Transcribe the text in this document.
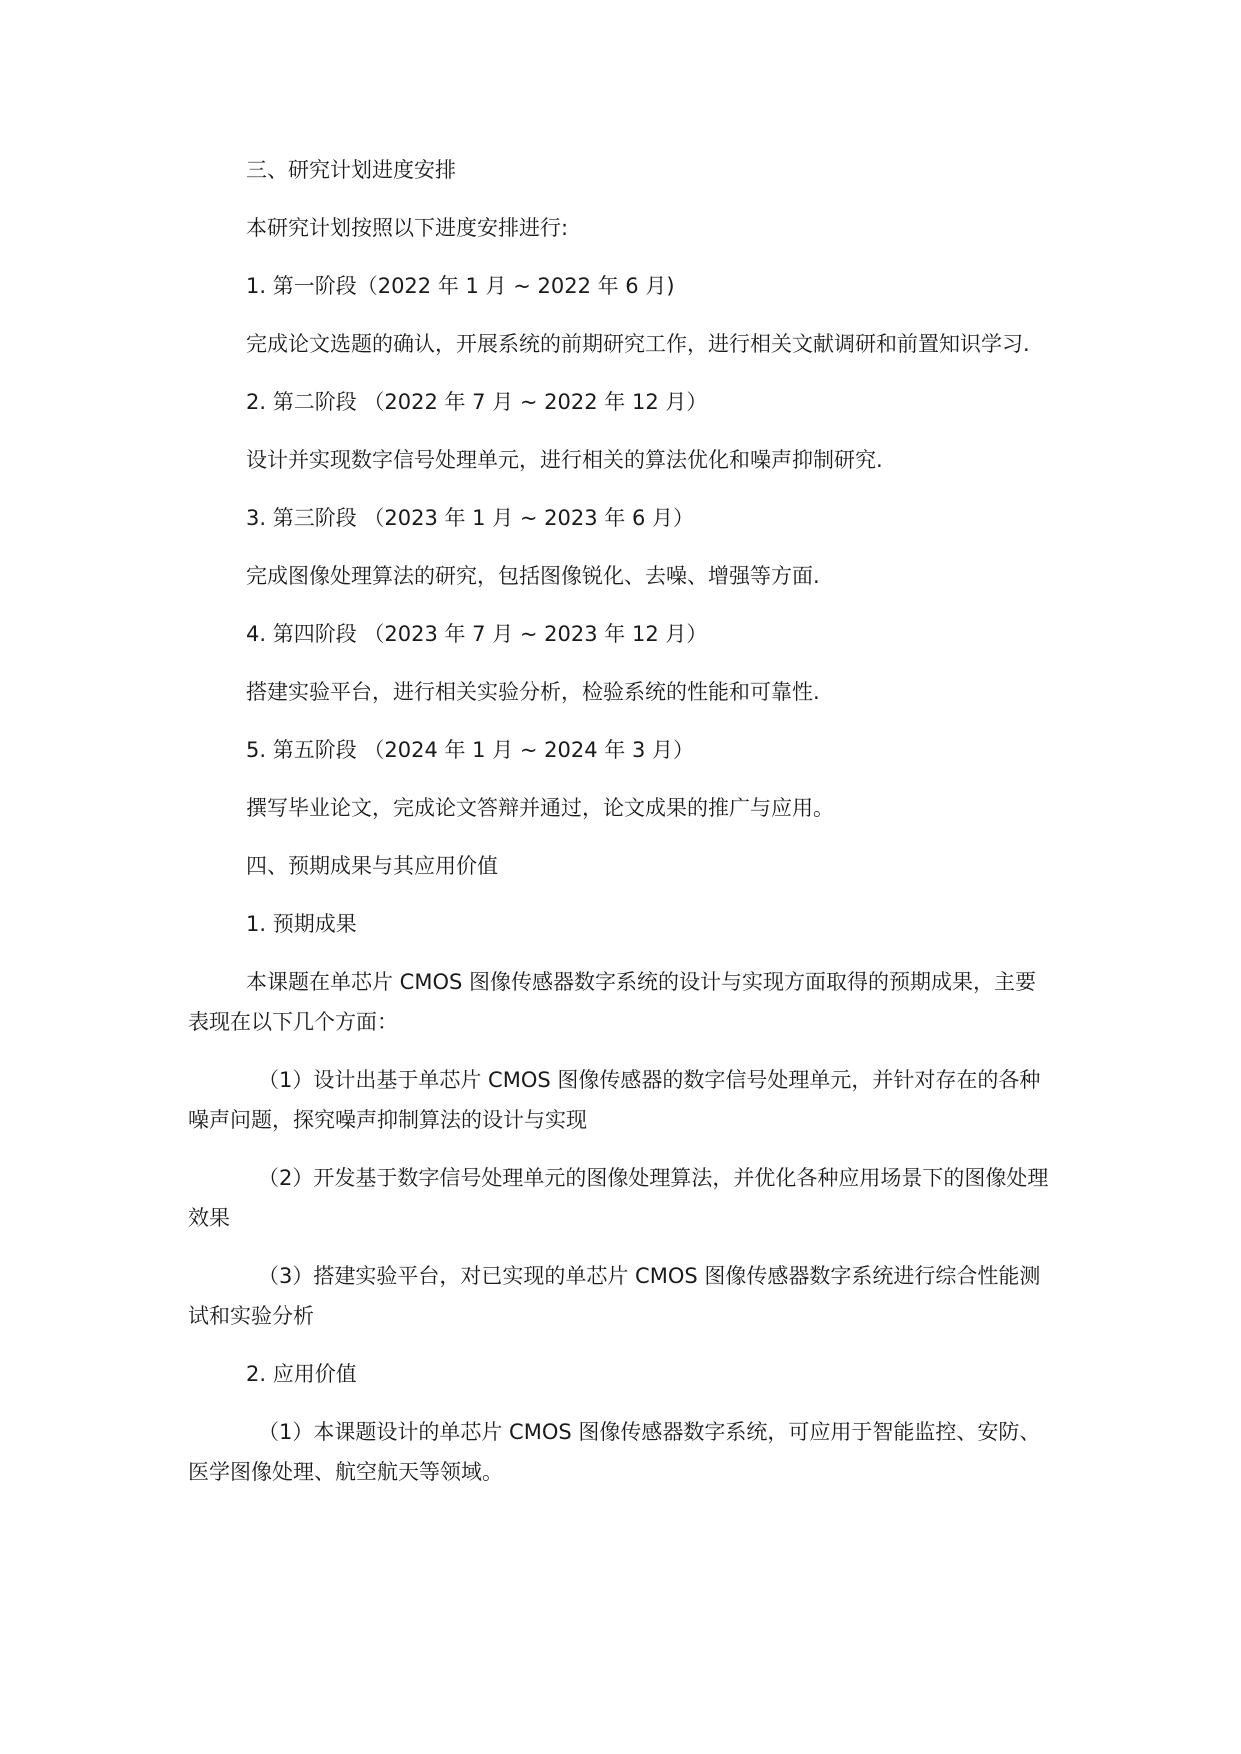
三、研究计划进度安排

本研究计划按照以下进度安排进行:

1. 第一阶段（2022 年 1 月 ~ 2022 年 6 月)

完成论文选题的确认，开展系统的前期研究工作，进行相关文献调研和前置知识学习.

2. 第二阶段 （2022 年 7 月 ~ 2022 年 12 月）

设计并实现数字信号处理单元，进行相关的算法优化和噪声抑制研究.

3. 第三阶段 （2023 年 1 月 ~ 2023 年 6 月）

完成图像处理算法的研究，包括图像锐化、去噪、增强等方面.

4. 第四阶段 （2023 年 7 月 ~ 2023 年 12 月）

搭建实验平台，进行相关实验分析，检验系统的性能和可靠性.

5. 第五阶段 （2024 年 1 月 ~ 2024 年 3 月）

撰写毕业论文，完成论文答辩并通过，论文成果的推广与应用。

四、预期成果与其应用价值

1. 预期成果

本课题在单芯片 CMOS 图像传感器数字系统的设计与实现方面取得的预期成果，主要表现在以下几个方面：

（1）设计出基于单芯片 CMOS 图像传感器的数字信号处理单元，并针对存在的各种噪声问题，探究噪声抑制算法的设计与实现

（2）开发基于数字信号处理单元的图像处理算法，并优化各种应用场景下的图像处理效果

（3）搭建实验平台，对已实现的单芯片 CMOS 图像传感器数字系统进行综合性能测试和实验分析

2. 应用价值

（1）本课题设计的单芯片 CMOS 图像传感器数字系统，可应用于智能监控、安防、医学图像处理、航空航天等领域。
